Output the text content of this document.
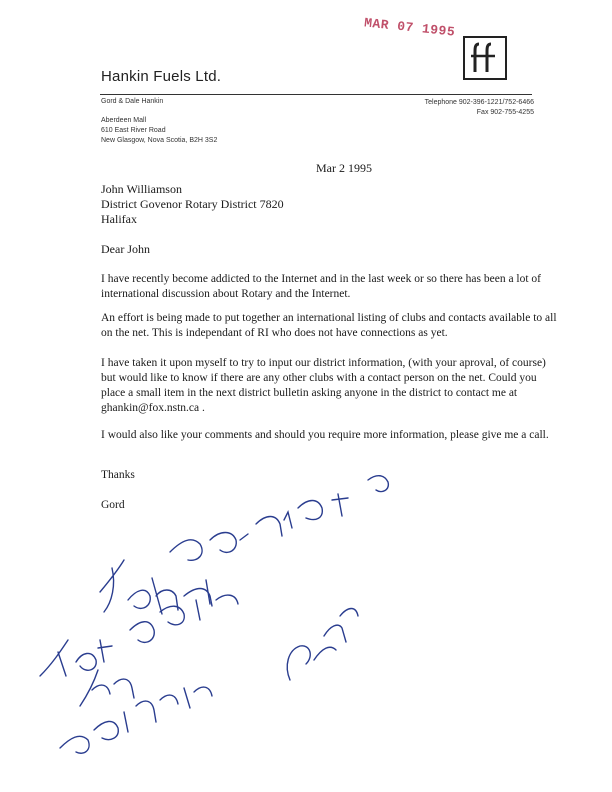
MAR 07 1995
Hankin Fuels Ltd.
Gord & Dale Hankin	Telephone 902-396-1221/752-6466
Fax 902-755-4255
Aberdeen Mall
610 East River Road
New Glasgow, Nova Scotia, B2H 3S2
Mar 2 1995
John Williamson
District Govenor Rotary District 7820
Halifax
Dear John
I have recently become addicted to the Internet and in the last week or so there has been a lot of international discussion about Rotary and the Internet.
An effort is being made to put together an international listing of clubs and contacts available to all on the net. This is independant of RI who does not have connections as yet.
I have taken it upon myself to try to input our district information, (with your aproval, of course) but would like to know if there are any other clubs with a contact person on the net. Could you place a small item in the next district bulletin asking anyone in the district to contact me at ghankin@fox.nstn.ca .
I would also like your comments and should you require more information, please give me a call.
Thanks
Gord
